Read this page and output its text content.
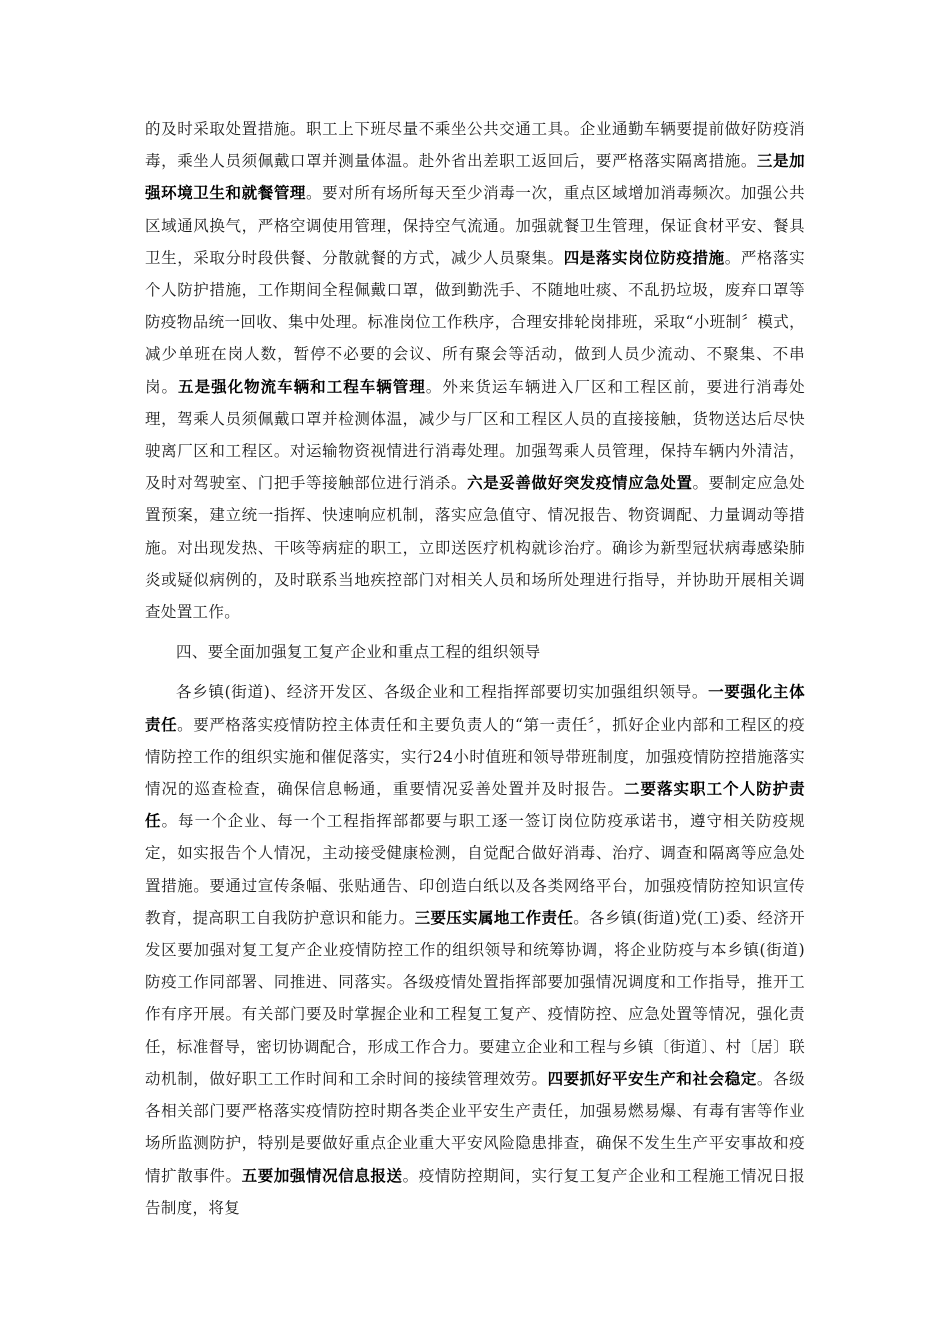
的及时采取处置措施。职工上下班尽量不乘坐公共交通工具。企业通勤车辆要提前做好防疫消毒，乘坐人员须佩戴口罩并测量体温。赴外省出差职工返回后，要严格落实隔离措施。三是加强环境卫生和就餐管理。要对所有场所每天至少消毒一次，重点区域增加消毒频次。加强公共区域通风换气，严格空调使用管理，保持空气流通。加强就餐卫生管理，保证食材平安、餐具卫生，采取分时段供餐、分散就餐的方式，减少人员聚集。四是落实岗位防疫措施。严格落实个人防护措施，工作期间全程佩戴口罩，做到勤洗手、不随地吐痰、不乱扔垃圾，废弃口罩等防疫物品统一回收、集中处理。标准岗位工作秩序，合理安排轮岗排班，采取“小班制〞模式，减少单班在岗人数，暂停不必要的会议、所有聚会等活动，做到人员少流动、不聚集、不串岗。五是强化物流车辆和工程车辆管理。外来货运车辆进入厂区和工程区前，要进行消毒处理，驾乘人员须佩戴口罩并检测体温，减少与厂区和工程区人员的直接接触，货物送达后尽快驶离厂区和工程区。对运输物资视情进行消毒处理。加强驾乘人员管理，保持车辆内外清洁，及时对驾驶室、门把手等接触部位进行消杀。六是妥善做好突发疫情应急处置。要制定应急处置预案，建立统一指挥、快速响应机制，落实应急值守、情况报告、物资调配、力量调动等措施。对出现发热、干咳等病症的职工，立即送医疗机构就诊治疗。确诊为新型冠状病毒感染肺炎或疑似病例的，及时联系当地疾控部门对相关人员和场所处理进行指导，并协助开展相关调查处置工作。

四、要全面加强复工复产企业和重点工程的组织领导

各乡镇(街道)、经济开发区、各级企业和工程指挥部要切实加强组织领导。一要强化主体责任。要严格落实疫情防控主体责任和主要负责人的“第一责任〞，抓好企业内部和工程区的疫情防控工作的组织实施和催促落实，实行24小时值班和领导带班制度，加强疫情防控措施落实情况的巡查检查，确保信息畅通，重要情况妥善处置并及时报告。二要落实职工个人防护责任。每一个企业、每一个工程指挥部都要与职工逐一签订岗位防疫承诺书，遵守相关防疫规定，如实报告个人情况，主动接受健康检测，自觉配合做好消毒、治疗、调查和隔离等应急处置措施。要通过宣传条幅、张贴通告、印创造白纸以及各类网络平台，加强疫情防控知识宣传教育，提高职工自我防护意识和能力。三要压实属地工作责任。各乡镇(街道)党(工)委、经济开发区要加强对复工复产企业疫情防控工作的组织领导和统筹协调，将企业防疫与本乡镇(街道)防疫工作同部署、同推进、同落实。各级疫情处置指挥部要加强情况调度和工作指导，推开工作有序开展。有关部门要及时掌握企业和工程复工复产、疫情防控、应急处置等情况，强化责任，标准督导，密切协调配合，形成工作合力。要建立企业和工程与乡镇〔街道〕、村〔居〕联动机制，做好职工工作时间和工余时间的接续管理效劳。四要抓好平安生产和社会稳定。各级各相关部门要严格落实疫情防控时期各类企业平安生产责任，加强易燃易爆、有毒有害等作业场所监测防护，特别是要做好重点企业重大平安风险隐患排查，确保不发生生产平安事故和疫情扩散事件。五要加强情况信息报送。疫情防控期间，实行复工复产企业和工程施工情况日报告制度，将复
